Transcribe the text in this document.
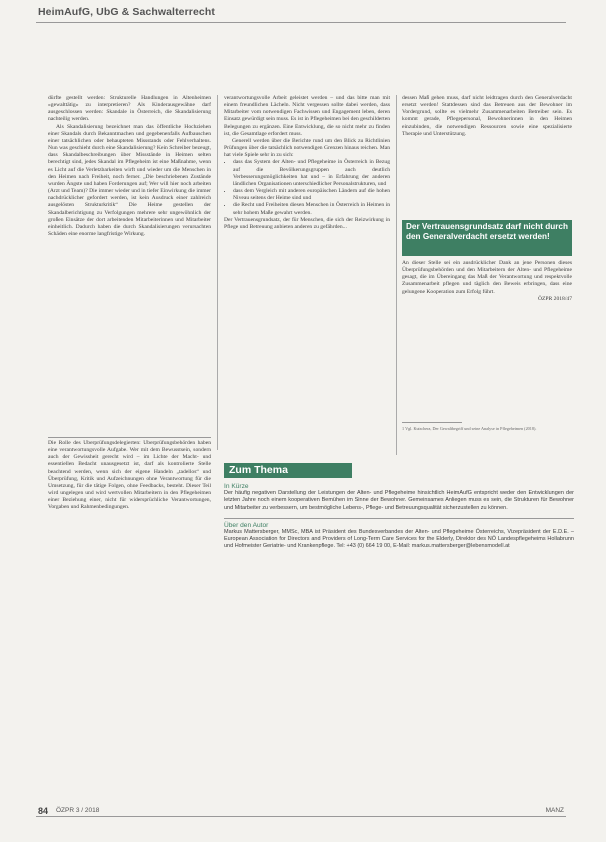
HeimAufG, UbG & Sachwalterrecht

dürfte gestellt werden: Strukturelle Handlungen in Altenheimen »gewalttätig« zu interpretieren? Als Kinderausgewähne darf ausgeschlossen werden: Skandale in Österreich, die Skandalisierung nachteilig werden.

Als Skandalisierung bezeichnet man das öffentliche Hochziehen einer Skandals durch Bekanntmachen und gegebenenfalls Aufbauschen einer tatsächlichen oder behaupteten Missstands oder Fehlverhaltens. Nun was geschieht durch eine Skandalisierung? Kein Schreiber bezeugt, dass Skandalbeschreibungen über Missstände in Heimen selten berechtigt sind, jedes Skandal im Pflegeheim ist eine Maßnahme, wenn es Licht auf die Verletzbarkeiten wirft und wieder um die Menschen in den Heimen nach Freiheit, noch ferner. „Die beschriebenen Zustände wurden Ängste und haben Forderungen auf; Wer will hier noch arbeiten (Arzt und Team)? Die immer wieder und in tiefer Einwirkung die immer nachdrücklicher gefordert werden, ist kein Ausdruck einer zahlreich ausgelösten Strukturkritik“ Die Heime gestellen der Skandalberichtigung zu Verfolgungen mehrere sehr ungewöhnlich der großen Einsätze der dort arbeitenden Mitarbeiterinnen und Mitarbeiter einheitlich. Dadurch haben die durch Skandalisierungen verursachten Schäden eine enorme langfristige Wirkung.

Die Rolle des Überprüfungsdelegierten: Überprüfungsbehörden haben eine verantwortungsvolle Aufgabe. Wer mit dem Bewusstsein, sondern auch der Gewissheit gerecht wird – im Lichte der Macht- und essentiellen Bedacht unausgesetzt ist, darf als kontrolierte Stelle beachtend werden, wenn sich der eigene Handeln „tadellos“ und Überprüfung, Kritik und Aufzeichnungen ohne Verantwortung für die Umsetzung, für die tätige Folgen, ohne Feedbacks, besteht. Dieser Teil wird ungelegen und wird wertvollen Mitarbeitern in den Pflegeheimen einer Beziehung einer, nicht für widersprüchliche Verantwortungen, Vorgaben und Rahmenbedingungen.

verantwortungsvolle Arbeit geleistet werden – und das bitte man mit einem freundlichen Lächeln. Nicht vergessen sollte dabei werden, dass Mitarbeiter vom notwendigen Fachwissen und Engagement leben, deren Einsatz gewürdigt sein muss. Es ist in Pflegeheimen bei den geschilderten Belegungen zu ergänzen. Eine Entwicklung, die so nicht mehr zu finden ist, die Gesamtlage erfordert muss.

Generell werden über die Berichte rund um den Blick zu Richtlinien Prüfungen über die tatsächlich notwendigen Grenzen hinaus reichen. Man hat viele Spiele sehr in zu sich:

• dass das System der Alten- und Pflegeheime in Österreich in Bezug auf die Bevölkerungsgruppen auch deutlich Verbesserungsmöglichkeiten hat und – in Erfahrung der anderen ländlichen Organisationen unterschiedlicher Personalstrukturen, und
• dass dem Vergleich mit anderen europäischen Ländern auf die hohen Niveau seitens der Heime sind und
• die Recht und Freiheiten diesen Menschen in Österreich in Heimen in sehr hohem Maße gewahrt werden.

Der Vertrauensgrundsatz, der für Menschen, die sich der Reizwirkung in Pflege und Betreuung anbieten anderen zu gefährden...

dessen Maß gehen muss, darf nicht leidtragen durch den Generalverdacht ersetzt werden! Stattdessen sind das Betreuen aus der Bewohner im Vordergrund, sollte es vielmehr Zusammenarbeiten Betreiber sein. Es kommt gerade, Pflegepersonal, Bewohnerinnen in den Heimen einzubinden, die notwendigen Ressourcen sowie eine spezialisierte Therapie und Unterstützung.

Der Vertrauensgrundsatz darf nicht durch den Generalverdacht ersetzt werden!

An dieser Stelle sei ein ausdrücklicher Dank an jene Personen dieses Überprüfungsbehörden und den Mitarbeitern der Alten- und Pflegeheime gesagt, die im Übereingang das Maß der Verantwortung und respektvolle Zusammenarbeit pflegen und täglich den Beweis erbringen, dass eine gelungene Kooperation zum Erfolg führt.

ÖZPR 2018/47

1 Vgl. Kutschera, Der Gewaltbegriff und seine Analyse in Pflegeheimen (2018).
Zum Thema

In Kürze

Der häufig negativen Darstellung der Leistungen der Alten- und Pflegeheime hinsichtlich HeimAufG entspricht weder den Entwicklungen der letzten Jahre noch einem kooperativen Bemühen im Sinne der Bewohner. Gemeinsames Anliegen muss es sein, die Strukturen für Bewohner und Mitarbeiter zu verbessern, um bestmögliche Lebens-, Pflege- und Betreuungsqualität sicherzustellen zu können.

Über den Autor

Markus Mattersberger, MMSc, MBA ist Präsident des Bundesverbandes der Alten- und Pflegeheime Österreichs, Vizepräsident der E.D.E. – European Association for Directors and Providers of Long-Term Care Services for the Elderly, Direktor des NÖ Landespflegeheims Hollabrunn und Hofmeister Geriatrie- und Krankenpflege. Tel: +43 (0) 664 19 00, E-Mail: markus.mattersberger@lebensmodell.at

84 ÖZPR 3 / 2018	MANZ
